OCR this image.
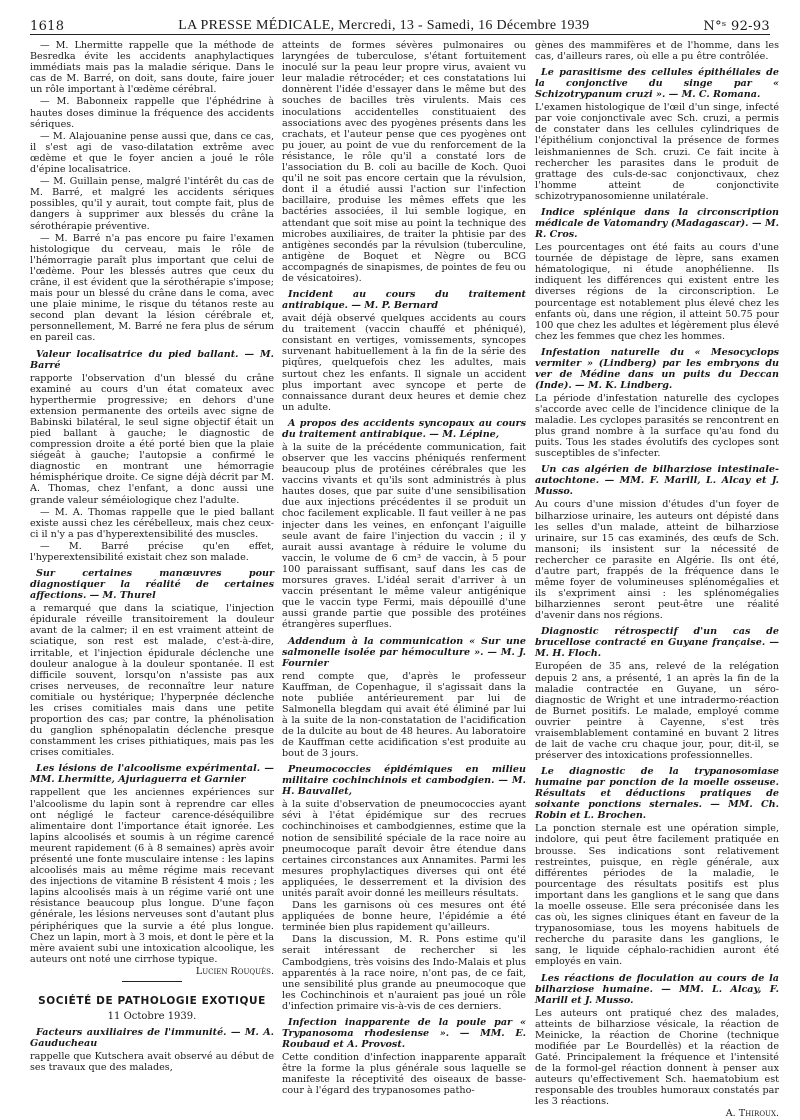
1618	LA PRESSE MÉDICALE, Mercredi, 13 - Samedi, 16 Décembre 1939	N°ˢ 92-93

— M. Lhermitte rappelle que la méthode de Besredka évite les accidents anaphylactiques immédiats mais pas la maladie sérique. Dans le cas de M. Barré, on doit, sans doute, faire jouer un rôle important à l'œdème cérébral.

— M. Babonneix rappelle que l'éphédrine à hautes doses diminue la fréquence des accidents sériques.

— M. Alajouanine pense aussi que, dans ce cas, il s'est agi de vaso-dilatation extrême avec œdème et que le foyer ancien a joué le rôle d'épine localisatrice.

— M. Guillain pense, malgré l'intérêt du cas de M. Barré, et malgré les accidents sériques possibles, qu'il y aurait, tout compte fait, plus de dangers à supprimer aux blessés du crâne la sérothérapie préventive.

— M. Barré n'a pas encore pu faire l'examen histologique du cerveau, mais le rôle de l'hémorragie paraît plus important que celui de l'œdème. Pour les blessés autres que ceux du crâne, il est évident que la sérothérapie s'impose; mais pour un blessé du crâne dans le coma, avec une plaie minime, le risque du tétanos reste au second plan devant la lésion cérébrale et, personnellement, M. Barré ne fera plus de sérum en pareil cas.

Valeur localisatrice du pied ballant. — M. Barré

rapporte l'observation d'un blessé du crâne examiné au cours d'un état comateux avec hyperthermie progressive; en dehors d'une extension permanente des orteils avec signe de Babinski bilatéral, le seul signe objectif était un pied ballant à gauche; le diagnostic de compression droite a été porté bien que la plaie siégeât à gauche; l'autopsie a confirmé le diagnostic en montrant une hémorragie hémisphérique droite. Ce signe déjà décrit par M. A. Thomas, chez l'enfant, a donc aussi une grande valeur séméiologique chez l'adulte.

— M. A. Thomas rappelle que le pied ballant existe aussi chez les cérébelleux, mais chez ceux-ci il n'y a pas d'hyperextensibilité des muscles.

— M. Barré précise qu'en effet, l'hyperextensibilité existait chez son malade.

Sur certaines manœuvres pour diagnostiquer la réalité de certaines affections. — M. Thurel

a remarqué que dans la sciatique, l'injection épidurale réveille transitoirement la douleur avant de la calmer; il en est vraiment atteint de sciatique, son rest est malade, c'est-à-dire, irritable, et l'injection épidurale déclenche une douleur analogue à la douleur spontanée. Il est difficile souvent, lorsqu'on n'assiste pas aux crises nerveuses, de reconnaître leur nature comitiale ou hystérique; l'hyperpnée déclenche les crises comitiales mais dans une petite proportion des cas; par contre, la phénolisation du ganglion sphénopalatin déclenche presque constamment les crises pithiatiques, mais pas les crises comitiales.

Les lésions de l'alcoolisme expérimental. — MM. Lhermitte, Ajuriaguerra et Garnier

rappellent que les anciennes expériences sur l'alcoolisme du lapin sont à reprendre car elles ont négligé le facteur carence-déséquilibre alimentaire dont l'importance était ignorée. Les lapins alcoolisés et soumis à un régime carencé meurent rapidement (6 à 8 semaines) après avoir présenté une fonte musculaire intense : les lapins alcoolisés mais au même régime mais recevant des injections de vitamine B résistent 4 mois ; les lapins alcoolisés mais à un régime varié ont une résistance beaucoup plus longue. D'une façon générale, les lésions nerveuses sont d'autant plus périphériques que la survie a été plus longue. Chez un lapin, mort à 3 mois, et dont le père et la mère avaient subi une intoxication alcoolique, les auteurs ont noté une cirrhose typique.

Lucien Rouquès.

SOCIÉTÉ DE PATHOLOGIE EXOTIQUE
11 Octobre 1939.
Facteurs auxiliaires de l'immunité. — M. A. Gauducheau

rappelle que Kutschera avait observé au début de ses travaux que des malades,

atteints de formes sévères pulmonaires ou laryngées de tuberculose, s'étant fortuitement inoculé sur la peau leur propre virus, avaient vu leur maladie rétrocéder; et ces constatations lui donnèrent l'idée d'essayer dans le même but des souches de bacilles très virulents. Mais ces inoculations accidentelles constituaient des associations avec des pyogènes présents dans les crachats, et l'auteur pense que ces pyogènes ont pu jouer, au point de vue du renforcement de la résistance, le rôle qu'il a constaté lors de l'association du B. coli au bacille de Koch. Quoi qu'il ne soit pas encore certain que la révulsion, dont il a étudié aussi l'action sur l'infection bacillaire, produise les mêmes effets que les bactéries associées, il lui semble logique, en attendant que soit mise au point la technique des microbes auxiliaires, de traiter la phtisie par des antigènes secondés par la révulsion (tuberculine, antigène de Boquet et Nègre ou BCG accompagnés de sinapismes, de pointes de feu ou de vésicatoires).

Incident au cours du traitement antirabique. — M. P. Bernard

avait déjà observé quelques accidents au cours du traitement (vaccin chauffé et phéniqué), consistant en vertiges, vomissements, syncopes survenant habituellement à la fin de la série des piqûres, quelquefois chez les adultes, mais surtout chez les enfants. Il signale un accident plus important avec syncope et perte de connaissance durant deux heures et demie chez un adulte.

A propos des accidents syncopaux au cours du traitement antirabique. — M. Lépine,

à la suite de la précédente communication, fait observer que les vaccins phéniqués renferment beaucoup plus de protéines cérébrales que les vaccins vivants et qu'ils sont administrés à plus hautes doses, que par suite d'une sensibilisation due aux injections précédentes il se produit un choc facilement explicable. Il faut veiller à ne pas injecter dans les veines, en enfonçant l'aiguille seule avant de faire l'injection du vaccin ; il y aurait aussi avantage à réduire le volume du vaccin, le volume de 6 cm³ de vaccin, à 5 pour 100 paraissant suffisant, sauf dans les cas de morsures graves. L'idéal serait d'arriver à un vaccin présentant le même valeur antigénique que le vaccin type Fermi, mais dépouillé d'une aussi grande partie que possible des protéines étrangères superflues.

Addendum à la communication « Sur une salmonelle isolée par hémoculture ». — M. J. Fournier

rend compte que, d'après le professeur Kauffman, de Copenhague, il s'agissait dans la note publiée antérieurement par lui de Salmonella blegdam qui avait été éliminé par lui à la suite de la non-constatation de l'acidification de la dulcite au bout de 48 heures. Au laboratoire de Kauffman cette acidification s'est produite au bout de 3 jours.

Pneumococcies épidémiques en milieu militaire cochinchinois et cambodgien. — M. H. Bauvallet,

à la suite d'observation de pneumococcies ayant sévi à l'état épidémique sur des recrues cochinchinoises et cambodgiennes, estime que la notion de sensibilité spéciale de la race noire au pneumocoque paraît devoir être étendue dans certaines circonstances aux Annamites. Parmi les mesures prophylactiques diverses qui ont été appliquées, le desserrement et la division des unités paraît avoir donné les meilleurs résultats.

Dans les garnisons où ces mesures ont été appliquées de bonne heure, l'épidémie a été terminée bien plus rapidement qu'ailleurs.

Dans la discussion, M. R. Pons estime qu'il serait intéressant de rechercher si les Cambodgiens, très voisins des Indo-Malais et plus apparentés à la race noire, n'ont pas, de ce fait, une sensibilité plus grande au pneumocoque que les Cochinchinois et n'auraient pas joué un rôle d'infection primaire vis-à-vis de ces derniers.

Infection inapparente de la poule par « Trypanosoma rhodesiense ». — MM. E. Roubaud et A. Provost.

Cette condition d'infection inapparente apparaît être la forme la plus générale sous laquelle se manifeste la réceptivité des oiseaux de basse-cour à l'égard des trypanosomes patho-

gènes des mammifères et de l'homme, dans les cas, d'ailleurs rares, où elle a pu être contrôlée.

Le parasitisme des cellules épithéliales de la conjonctive du singe par « Schizotrypanum cruzi ». — M. C. Romana.

L'examen histologique de l'œil d'un singe, infecté par voie conjonctivale avec Sch. cruzi, a permis de constater dans les cellules cylindriques de l'épithélium conjonctival la présence de formes leishmaniennes de Sch. cruzi. Ce fait incite à rechercher les parasites dans le produit de grattage des culs-de-sac conjonctivaux, chez l'homme atteint de conjonctivite schizotrypanosomienne unilatérale.

Indice splénique dans la circonscription médicale de Vatomandry (Madagascar). — M. R. Cros.

Les pourcentages ont été faits au cours d'une tournée de dépistage de lèpre, sans examen hématologique, ni étude anophélienne. Ils indiquent les différences qui existent entre les diverses régions de la circonscription. Le pourcentage est notablement plus élevé chez les enfants où, dans une région, il atteint 50.75 pour 100 que chez les adultes et légèrement plus élevé chez les femmes que chez les hommes.

Infestation naturelle du « Mesocyclops vermiter » (Lindberg) par les embryons du ver de Médine dans un puits du Deccan (Inde). — M. K. Lindberg.

La période d'infestation naturelle des cyclopes s'accorde avec celle de l'incidence clinique de la maladie. Les cyclopes parasités se rencontrent en plus grand nombre à la surface qu'au fond du puits. Tous les stades évolutifs des cyclopes sont susceptibles de s'infecter.

Un cas algérien de bilharziose intestinale-autochtone. — MM. F. Marill, L. Alcay et J. Musso.

Au cours d'une mission d'études d'un foyer de bilharziose urinaire, les auteurs ont dépisté dans les selles d'un malade, atteint de bilharziose urinaire, sur 15 cas examinés, des œufs de Sch. mansoni; ils insistent sur la nécessité de rechercher ce parasite en Algérie. Ils ont été, d'autre part, frappés de la fréquence dans le même foyer de volumineuses splénomégalies et ils s'expriment ainsi : les splénomégalies bilharziennes seront peut-être une réalité d'avenir dans nos régions.

Diagnostic rétrospectif d'un cas de brucellose contracté en Guyane française. — M. H. Floch.

Européen de 35 ans, relevé de la relégation depuis 2 ans, a présenté, 1 an après la fin de la maladie contractée en Guyane, un séro-diagnostic de Wright et une intradermo-réaction de Burnet positifs. Le malade, employé comme ouvrier peintre à Cayenne, s'est très vraisemblablement contaminé en buvant 2 litres de lait de vache cru chaque jour, pour, dit-il, se préserver des intoxications professionnelles.

Le diagnostic de la trypanosomiase humaine par ponction de la moelle osseuse. Résultats et déductions pratiques de soixante ponctions sternales. — MM. Ch. Robin et L. Brochen.

La ponction sternale est une opération simple, indolore, qui peut être facilement pratiquée en brousse. Ses indications sont relativement restreintes, puisque, en règle générale, aux différentes périodes de la maladie, le pourcentage des résultats positifs est plus important dans les ganglions et le sang que dans la moelle osseuse. Elle sera préconisée dans les cas où, les signes cliniques étant en faveur de la trypanosomiase, tous les moyens habituels de recherche du parasite dans les ganglions, le sang, le liquide céphalo-rachidien auront été employés en vain.

Les réactions de floculation au cours de la bilharziose humaine. — MM. L. Alcay, F. Marill et J. Musso.

Les auteurs ont pratiqué chez des malades, atteints de bilharziose vésicale, la réaction de Meinicke, la réaction de Chorine (technique modifiée par Le Bourdellès) et la réaction de Gaté. Principalement la fréquence et l'intensité de la formol-gel réaction donnent à penser aux auteurs qu'effectivement Sch. haematobium est responsable des troubles humoraux constatés par les 3 réactions.

A. Thiroux.
